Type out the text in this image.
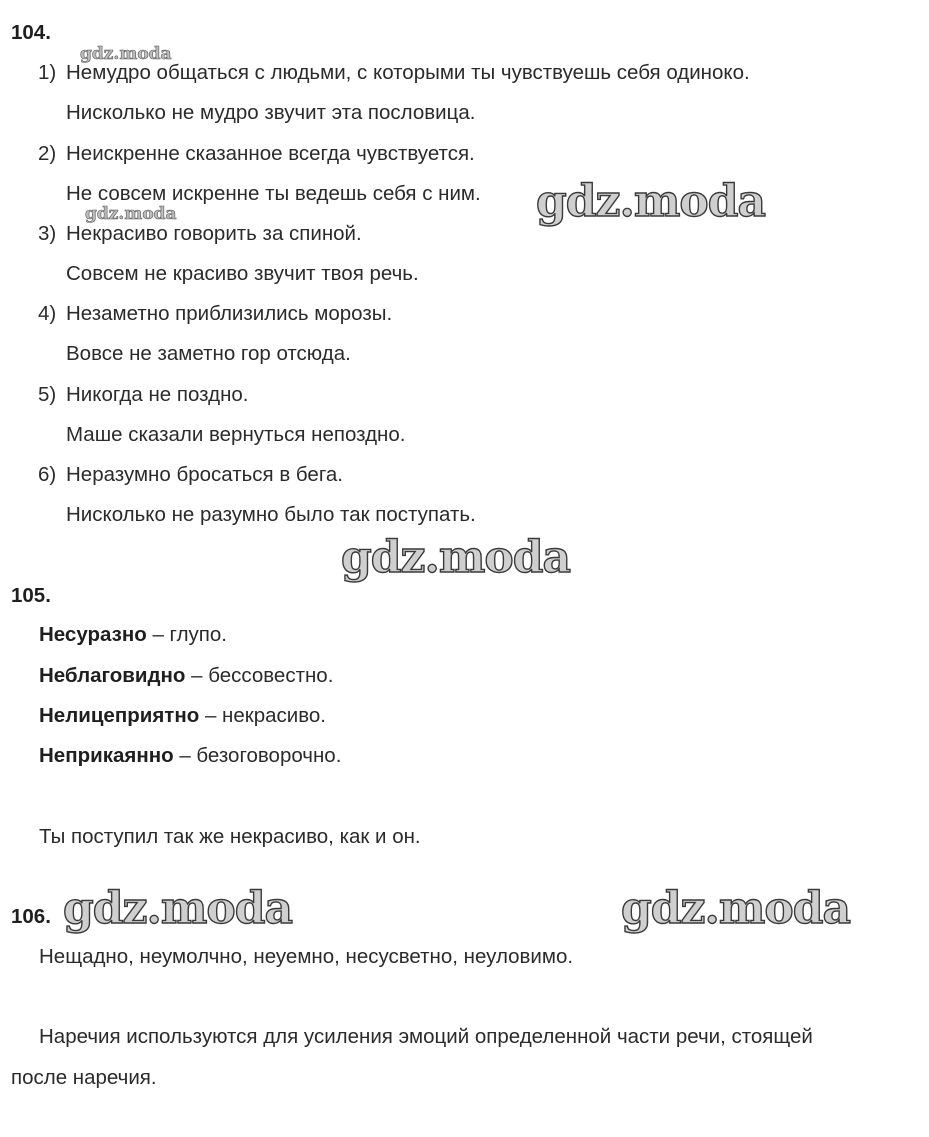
104.
1) Немудро общаться с людьми, с которыми ты чувствуешь себя одиноко.
Нисколько не мудро звучит эта пословица.
2) Неискренне сказанное всегда чувствуется.
Не совсем искренне ты ведешь себя с ним.
3) Некрасиво говорить за спиной.
Совсем не красиво звучит твоя речь.
4) Незаметно приблизились морозы.
Вовсе не заметно гор отсюда.
5) Никогда не поздно.
Маше сказали вернуться непоздно.
6) Неразумно бросаться в бега.
Нисколько не разумно было так поступать.
105.
Несуразно – глупо.
Неблаговидно – бессовестно.
Нелицеприятно – некрасиво.
Неприкаянно – безоговорочно.
Ты поступил так же некрасиво, как и он.
106.
Нещадно, неумолчно, неуемно, несусветно, неуловимо.
Наречия используются для усиления эмоций определенной части речи, стоящей
после наречия.
gdz.moda
gdz.moda	gdz.moda
gdz.moda
gdz.moda	gdz.moda
